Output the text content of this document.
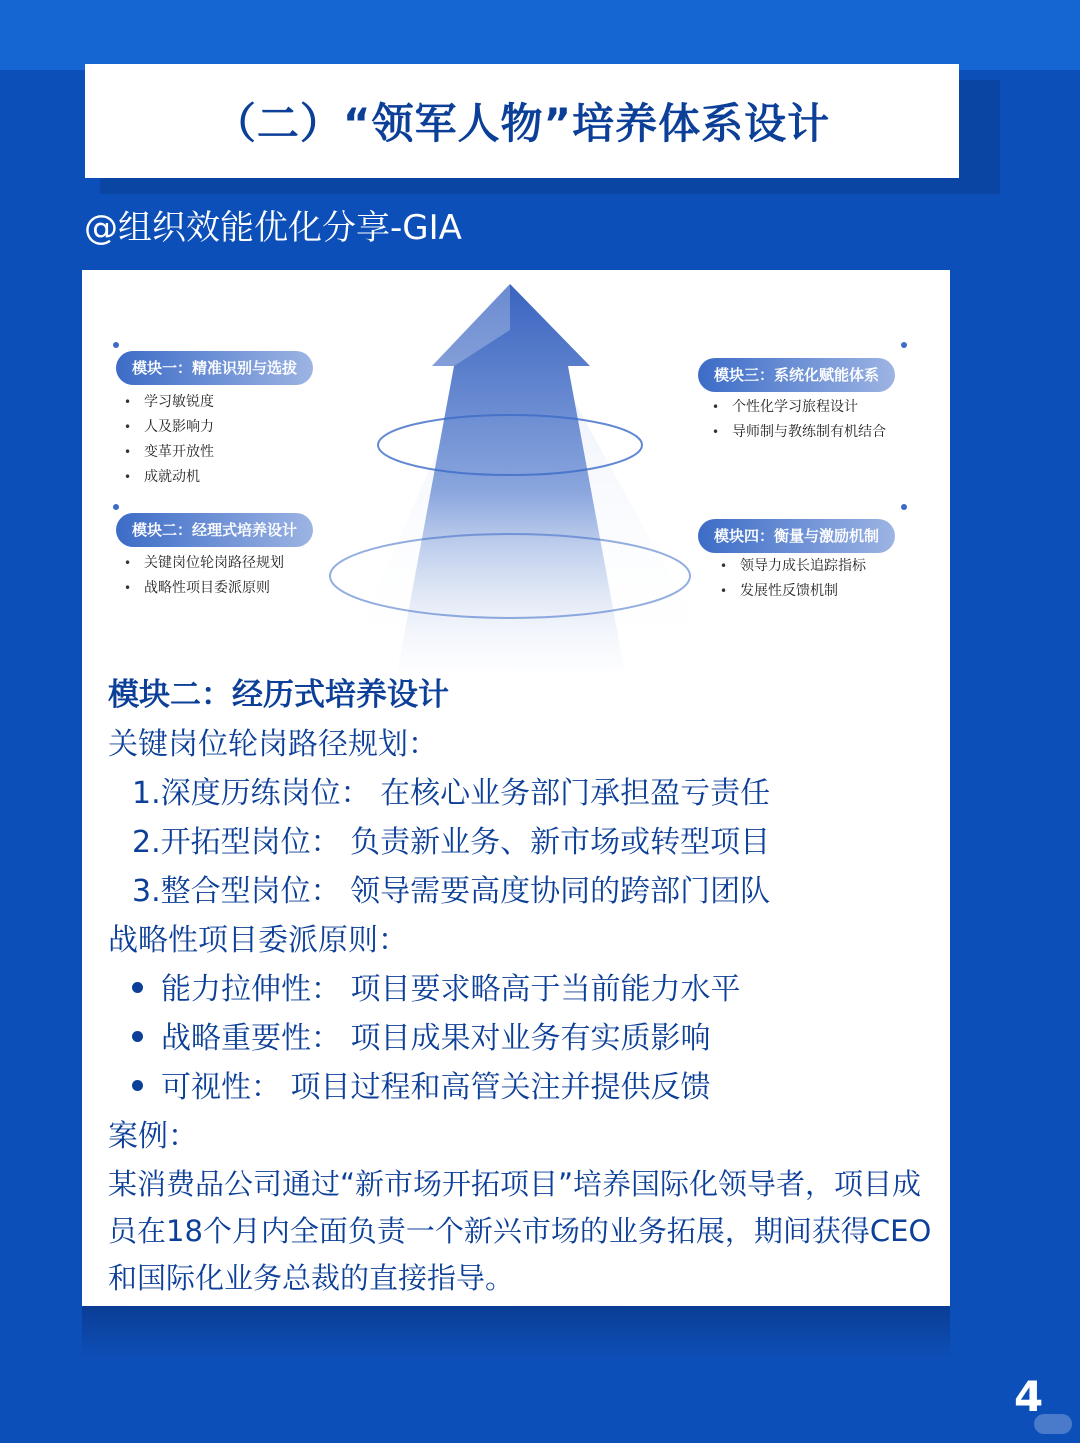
（二）“领军人物”培养体系设计
@组织效能优化分享-GIA
模块一：精准识别与选拔
• 学习敏锐度
• 人及影响力
• 变革开放性
• 成就动机
模块二：经理式培养设计
• 关键岗位轮岗路径规划
• 战略性项目委派原则
模块三：系统化赋能体系
• 个性化学习旅程设计
• 导师制与教练制有机结合
模块四：衡量与激励机制
• 领导力成长追踪指标
• 发展性反馈机制

模块二：经历式培养设计

关键岗位轮岗路径规划：

1.深度历练岗位： 在核心业务部门承担盈亏责任
2.开拓型岗位： 负责新业务、新市场或转型项目
3.整合型岗位： 领导需要高度协同的跨部门团队

战略性项目委派原则：

能力拉伸性： 项目要求略高于当前能力水平
战略重要性： 项目成果对业务有实质影响
可视性： 项目过程和高管关注并提供反馈

案例：

某消费品公司通过“新市场开拓项目”培养国际化领导者，项目成员在18个月内全面负责一个新兴市场的业务拓展，期间获得CEO和国际化业务总裁的直接指导。

4
